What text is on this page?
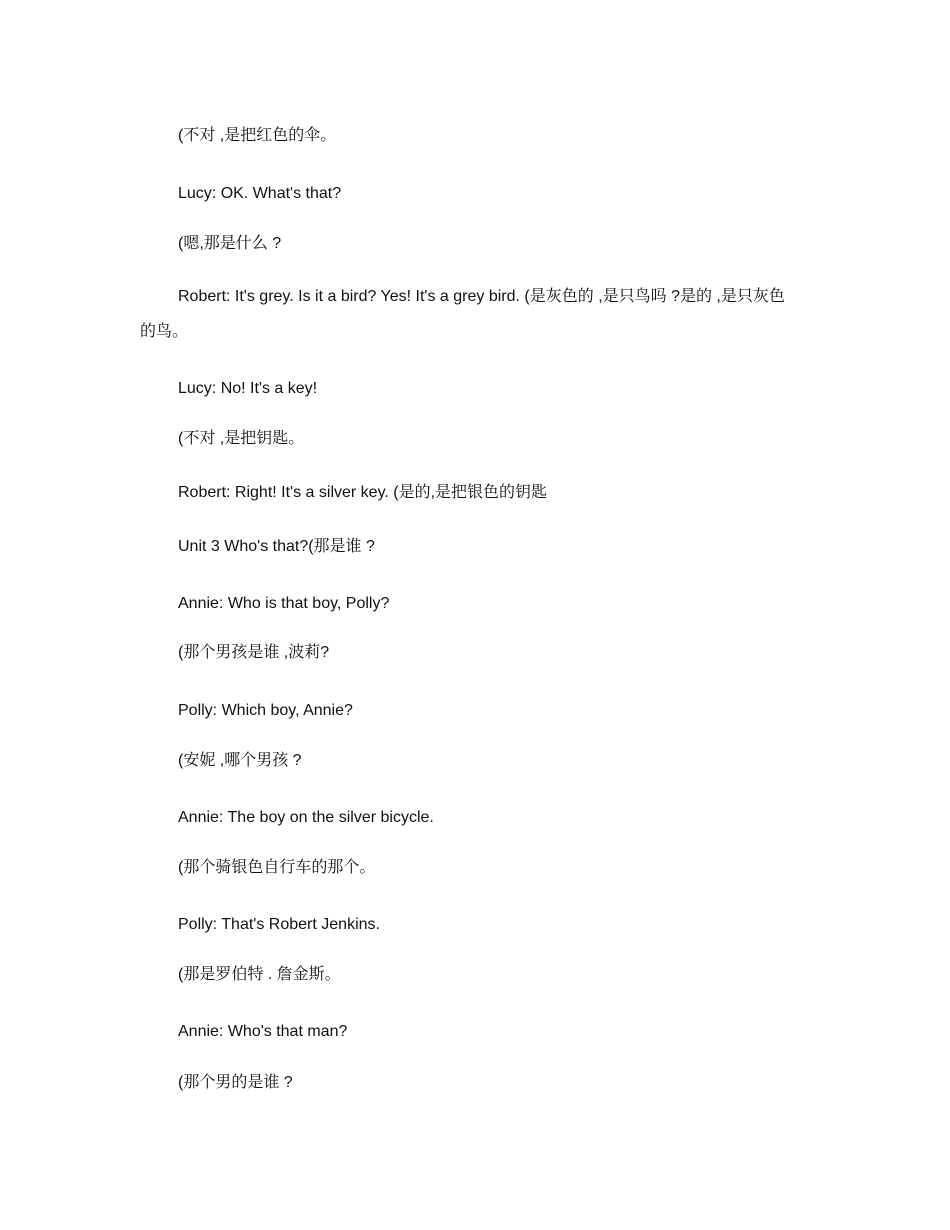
(不对 ,是把红色的伞。
Lucy: OK. What's that?
(嗯,那是什么 ?
Robert: It's grey. Is it a bird? Yes! It's a grey bird. (是灰色的 ,是只鸟吗 ?是的 ,是只灰色的鸟。
Lucy: No! It's a key!
(不对 ,是把钥匙。
Robert: Right! It's a silver key. (是的,是把银色的钥匙
Unit 3 Who's that?(那是谁 ?
Annie: Who is that boy, Polly?
(那个男孩是谁 ,波莉?
Polly: Which boy, Annie?
(安妮 ,哪个男孩 ?
Annie: The boy on the silver bicycle.
(那个骑银色自行车的那个。
Polly: That's Robert Jenkins.
(那是罗伯特 . 詹金斯。
Annie: Who's that man?
(那个男的是谁 ?
